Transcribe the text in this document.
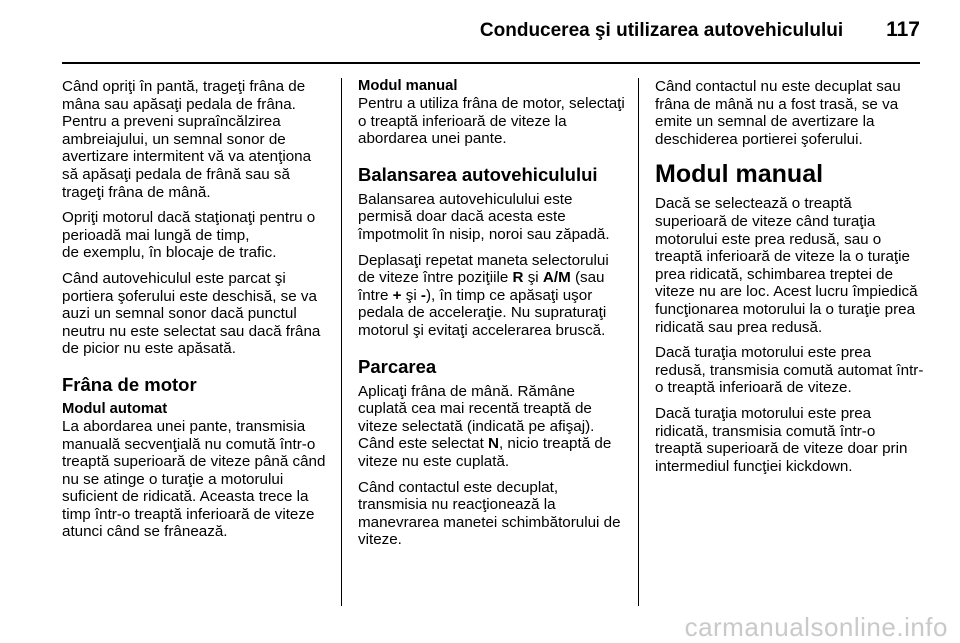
Conducerea şi utilizarea autovehiculului 117

Când opriţi în pantă, trageţi frâna de mâna sau apăsaţi pedala de frâna. Pentru a preveni supraîncălzirea ambreiajului, un semnal sonor de avertizare intermitent vă va atenţiona să apăsaţi pedala de frână sau să trageţi frâna de mână.

Opriţi motorul dacă staţionaţi pentru o perioadă mai lungă de timp,
de exemplu, în blocaje de trafic.

Când autovehiculul este parcat şi portiera şoferului este deschisă, se va auzi un semnal sonor dacă punctul neutru nu este selectat sau dacă frâna de picior nu este apăsată.

Frâna de motor
Modul automat

La abordarea unei pante, transmisia manuală secvenţială nu comută într-o treaptă superioară de viteze până când nu se atinge o turaţie a motorului suficient de ridicată. Aceasta trece la timp într-o treaptă inferioară de viteze atunci când se frânează.

Modul manual

Pentru a utiliza frâna de motor, selectaţi o treaptă inferioară de viteze la abordarea unei pante.

Balansarea autovehiculului

Balansarea autovehiculului este permisă doar dacă acesta este împotmolit în nisip, noroi sau zăpadă.

Deplasaţi repetat maneta selectorului de viteze între poziţiile R şi A/M (sau între + şi -), în timp ce apăsaţi uşor pedala de acceleraţie. Nu supraturaţi motorul şi evitaţi accelerarea bruscă.

Parcarea

Aplicaţi frâna de mână. Rămâne cuplată cea mai recentă treaptă de viteze selectată (indicată pe afişaj). Când este selectat N, nicio treaptă de viteze nu este cuplată.

Când contactul este decuplat, transmisia nu reacţionează la manevrarea manetei schimbătorului de viteze.

Când contactul nu este decuplat sau frâna de mână nu a fost trasă, se va emite un semnal de avertizare la deschiderea portierei şoferului.

Modul manual

Dacă se selectează o treaptă superioară de viteze când turaţia motorului este prea redusă, sau o treaptă inferioară de viteze la o turaţie prea ridicată, schimbarea treptei de viteze nu are loc. Acest lucru împiedică funcţionarea motorului la o turaţie prea ridicată sau prea redusă.

Dacă turaţia motorului este prea redusă, transmisia comută automat într-o treaptă inferioară de viteze.

Dacă turaţia motorului este prea ridicată, transmisia comută într-o treaptă superioară de viteze doar prin intermediul funcţiei kickdown.

carmanualsonline.info
